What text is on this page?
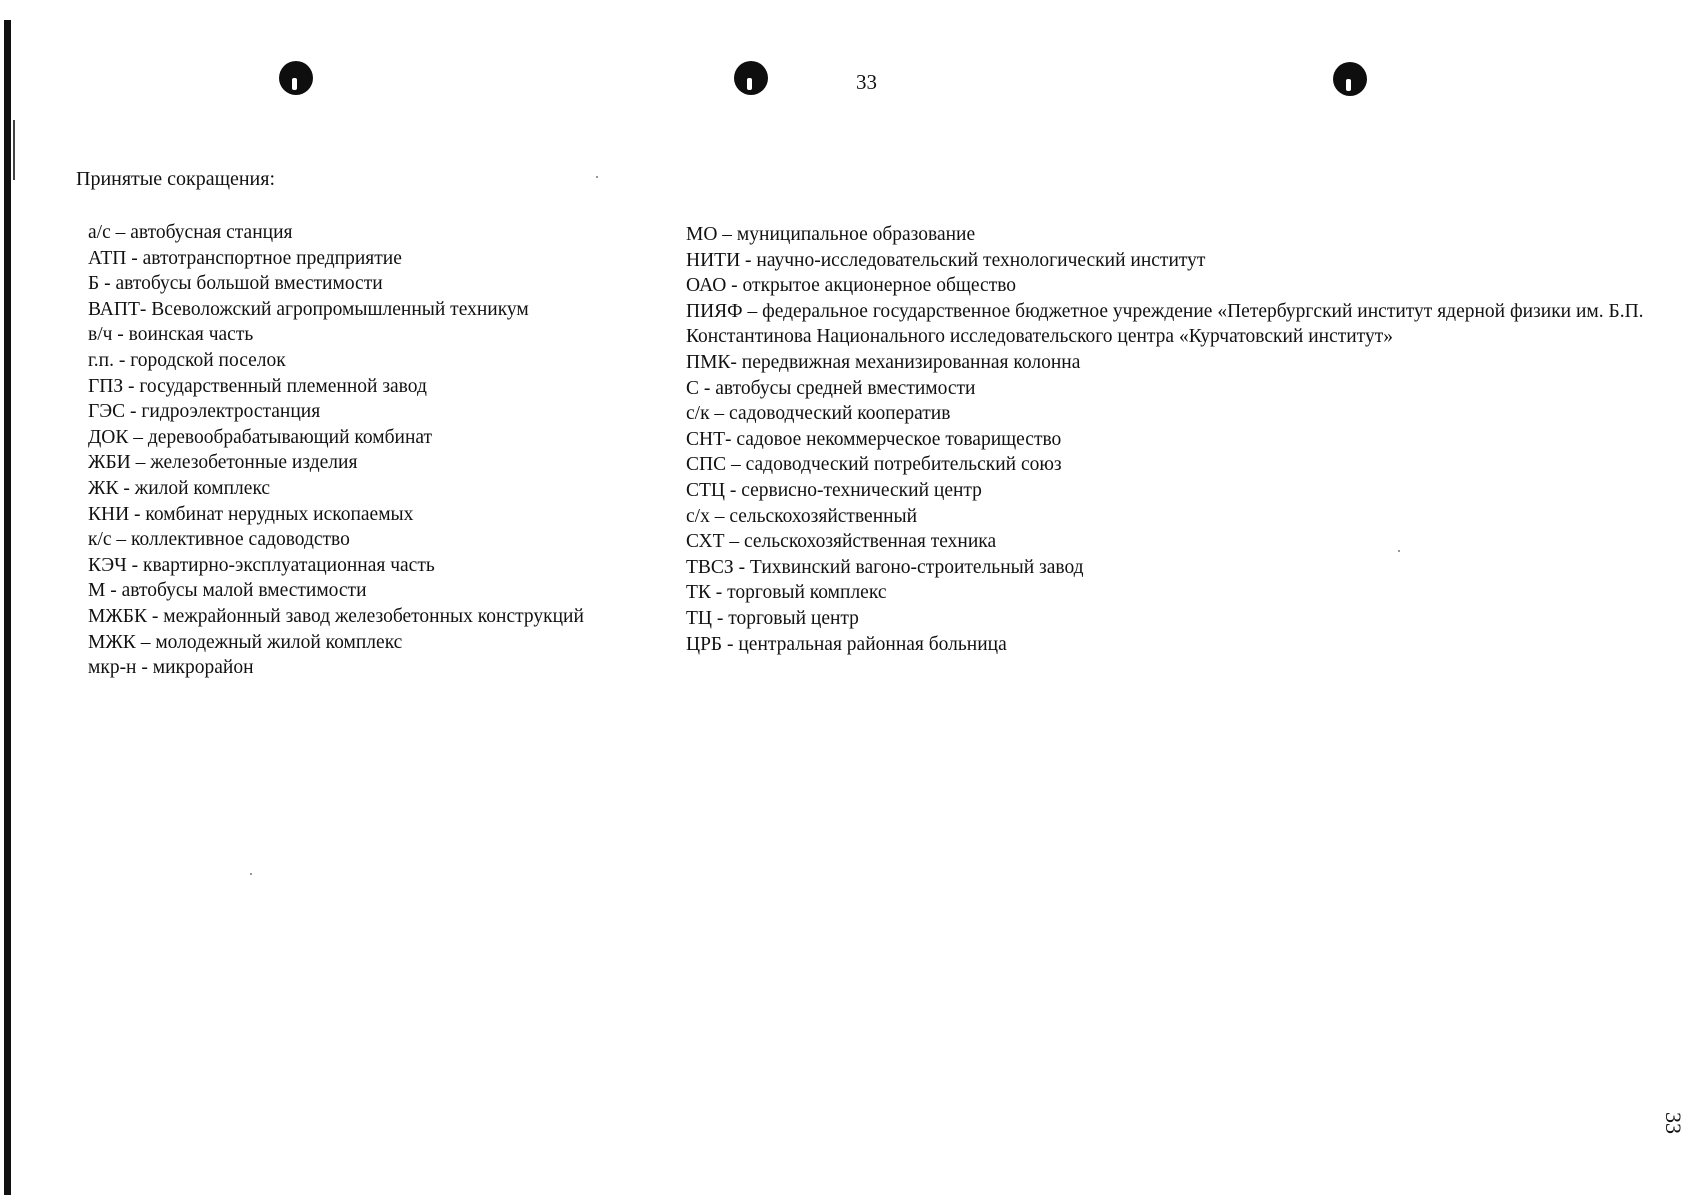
33
Принятые сокращения:
а/с – автобусная станция
АТП - автотранспортное предприятие
Б - автобусы большой вместимости
ВАПТ- Всеволожский агропромышленный техникум
в/ч - воинская часть
г.п. - городской поселок
ГПЗ - государственный племенной завод
ГЭС - гидроэлектростанция
ДОК – деревообрабатывающий комбинат
ЖБИ – железобетонные изделия
ЖК - жилой комплекс
КНИ - комбинат нерудных ископаемых
к/с – коллективное садоводство
КЭЧ - квартирно-эксплуатационная часть
М - автобусы малой вместимости
МЖБК - межрайонный завод железобетонных конструкций
МЖК – молодежный жилой комплекс
мкр-н - микрорайон
МО – муниципальное образование
НИТИ - научно-исследовательский технологический институт
ОАО - открытое акционерное общество
ПИЯФ – федеральное государственное бюджетное учреждение «Петербургский институт ядерной физики им. Б.П. Константинова Национального исследовательского центра «Курчатовский институт»
ПМК- передвижная механизированная колонна
С - автобусы средней вместимости
с/к – садоводческий кооператив
СНТ- садовое некоммерческое товарищество
СПС – садоводческий потребительский союз
СТЦ - сервисно-технический центр
с/х – сельскохозяйственный
СХТ – сельскохозяйственная техника
ТВСЗ - Тихвинский вагоно-строительный завод
ТК - торговый комплекс
ТЦ - торговый центр
ЦРБ - центральная районная больница
33
